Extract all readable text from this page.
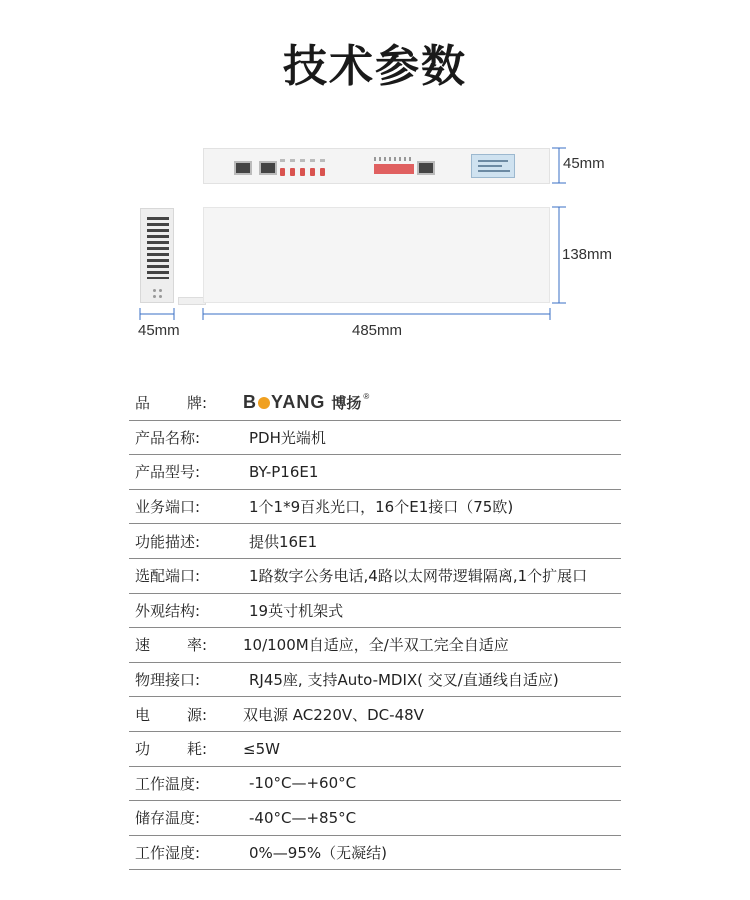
技术参数
45mm
138mm
45mm	485mm
品 牌: B YANG 博扬 ®
产品名称:	PDH光端机
产品型号:	BY-P16E1
业务端口:	1个1*9百兆光口，16个E1接口（75欧)
功能描述:	提供16E1
选配端口:	1路数字公务电话,4路以太网带逻辑隔离,1个扩展口
外观结构:	19英寸机架式
速 率: 10/100M自适应，全/半双工完全自适应
物理接口:	RJ45座, 支持Auto-MDIX( 交叉/直通线自适应)
电 源: 双电源 AC220V、DC-48V
功 耗: ≤5W
工作温度:	-10°C—+60°C
储存温度:	-40°C—+85°C
工作湿度:	0%—95%（无凝结)
